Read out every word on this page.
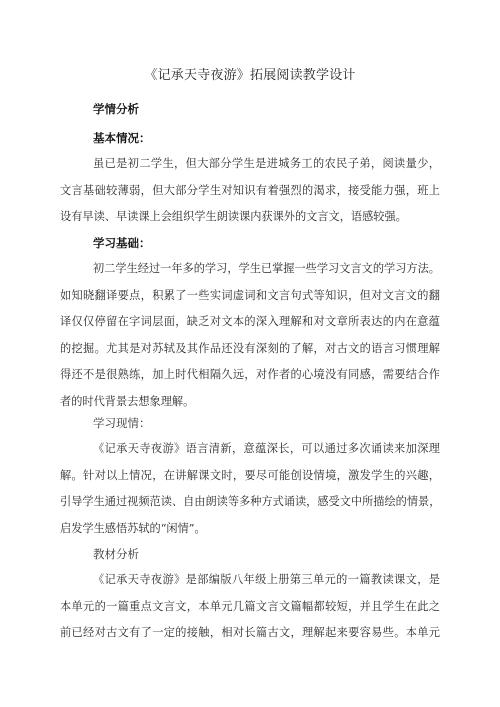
《记承天寺夜游》拓展阅读教学设计
学情分析
基本情况：
虽已是初二学生，但大部分学生是进城务工的农民子弟，阅读量少，
文言基础较薄弱，但大部分学生对知识有着强烈的渴求，接受能力强，班上
设有早读、早读课上会组织学生朗读课内获课外的文言文，语感较强。
学习基础：
初二学生经过一年多的学习，学生已掌握一些学习文言文的学习方法。
如知晓翻译要点，积累了一些实词虚词和文言句式等知识，但对文言文的翻
译仅仅停留在字词层面，缺乏对文本的深入理解和对文章所表达的内在意蕴
的挖掘。尤其是对苏轼及其作品还没有深刻的了解，对古文的语言习惯理解
得还不是很熟练，加上时代相隔久远，对作者的心境没有同感，需要结合作
者的时代背景去想象理解。
学习现情：
《记承天寺夜游》语言清新，意蕴深长，可以通过多次诵读来加深理
解。针对以上情况，在讲解课文时，要尽可能创设情境，激发学生的兴趣，
引导学生通过视频范读、自由朗读等多种方式诵读，感受文中所描绘的情景，
启发学生感悟苏轼的“闲情”。
教材分析
《记承天寺夜游》是部编版八年级上册第三单元的一篇教读课文，是
本单元的一篇重点文言文，本单元几篇文言文篇幅都较短，并且学生在此之
前已经对古文有了一定的接触，相对长篇古文，理解起来要容易些。本单元
